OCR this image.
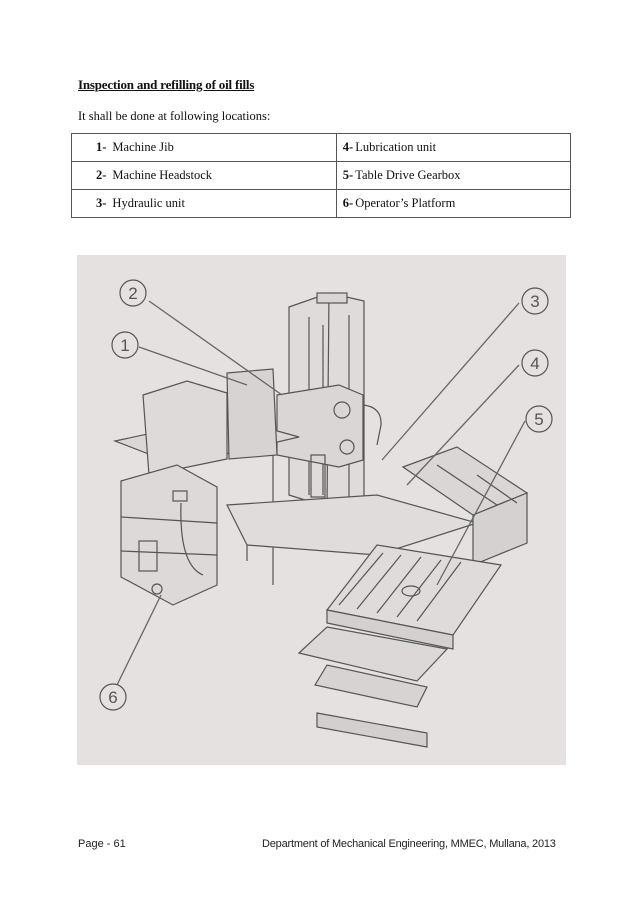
Inspection and refilling of oil fills
It shall be done at following locations:
1- Machine Jib	4- Lubrication unit
2- Machine Headstock	5- Table Drive Gearbox
3- Hydraulic unit	6- Operator’s Platform
2
1
3
4
5
6
Page - 61	Department of Mechanical Engineering, MMEC, Mullana, 2013
